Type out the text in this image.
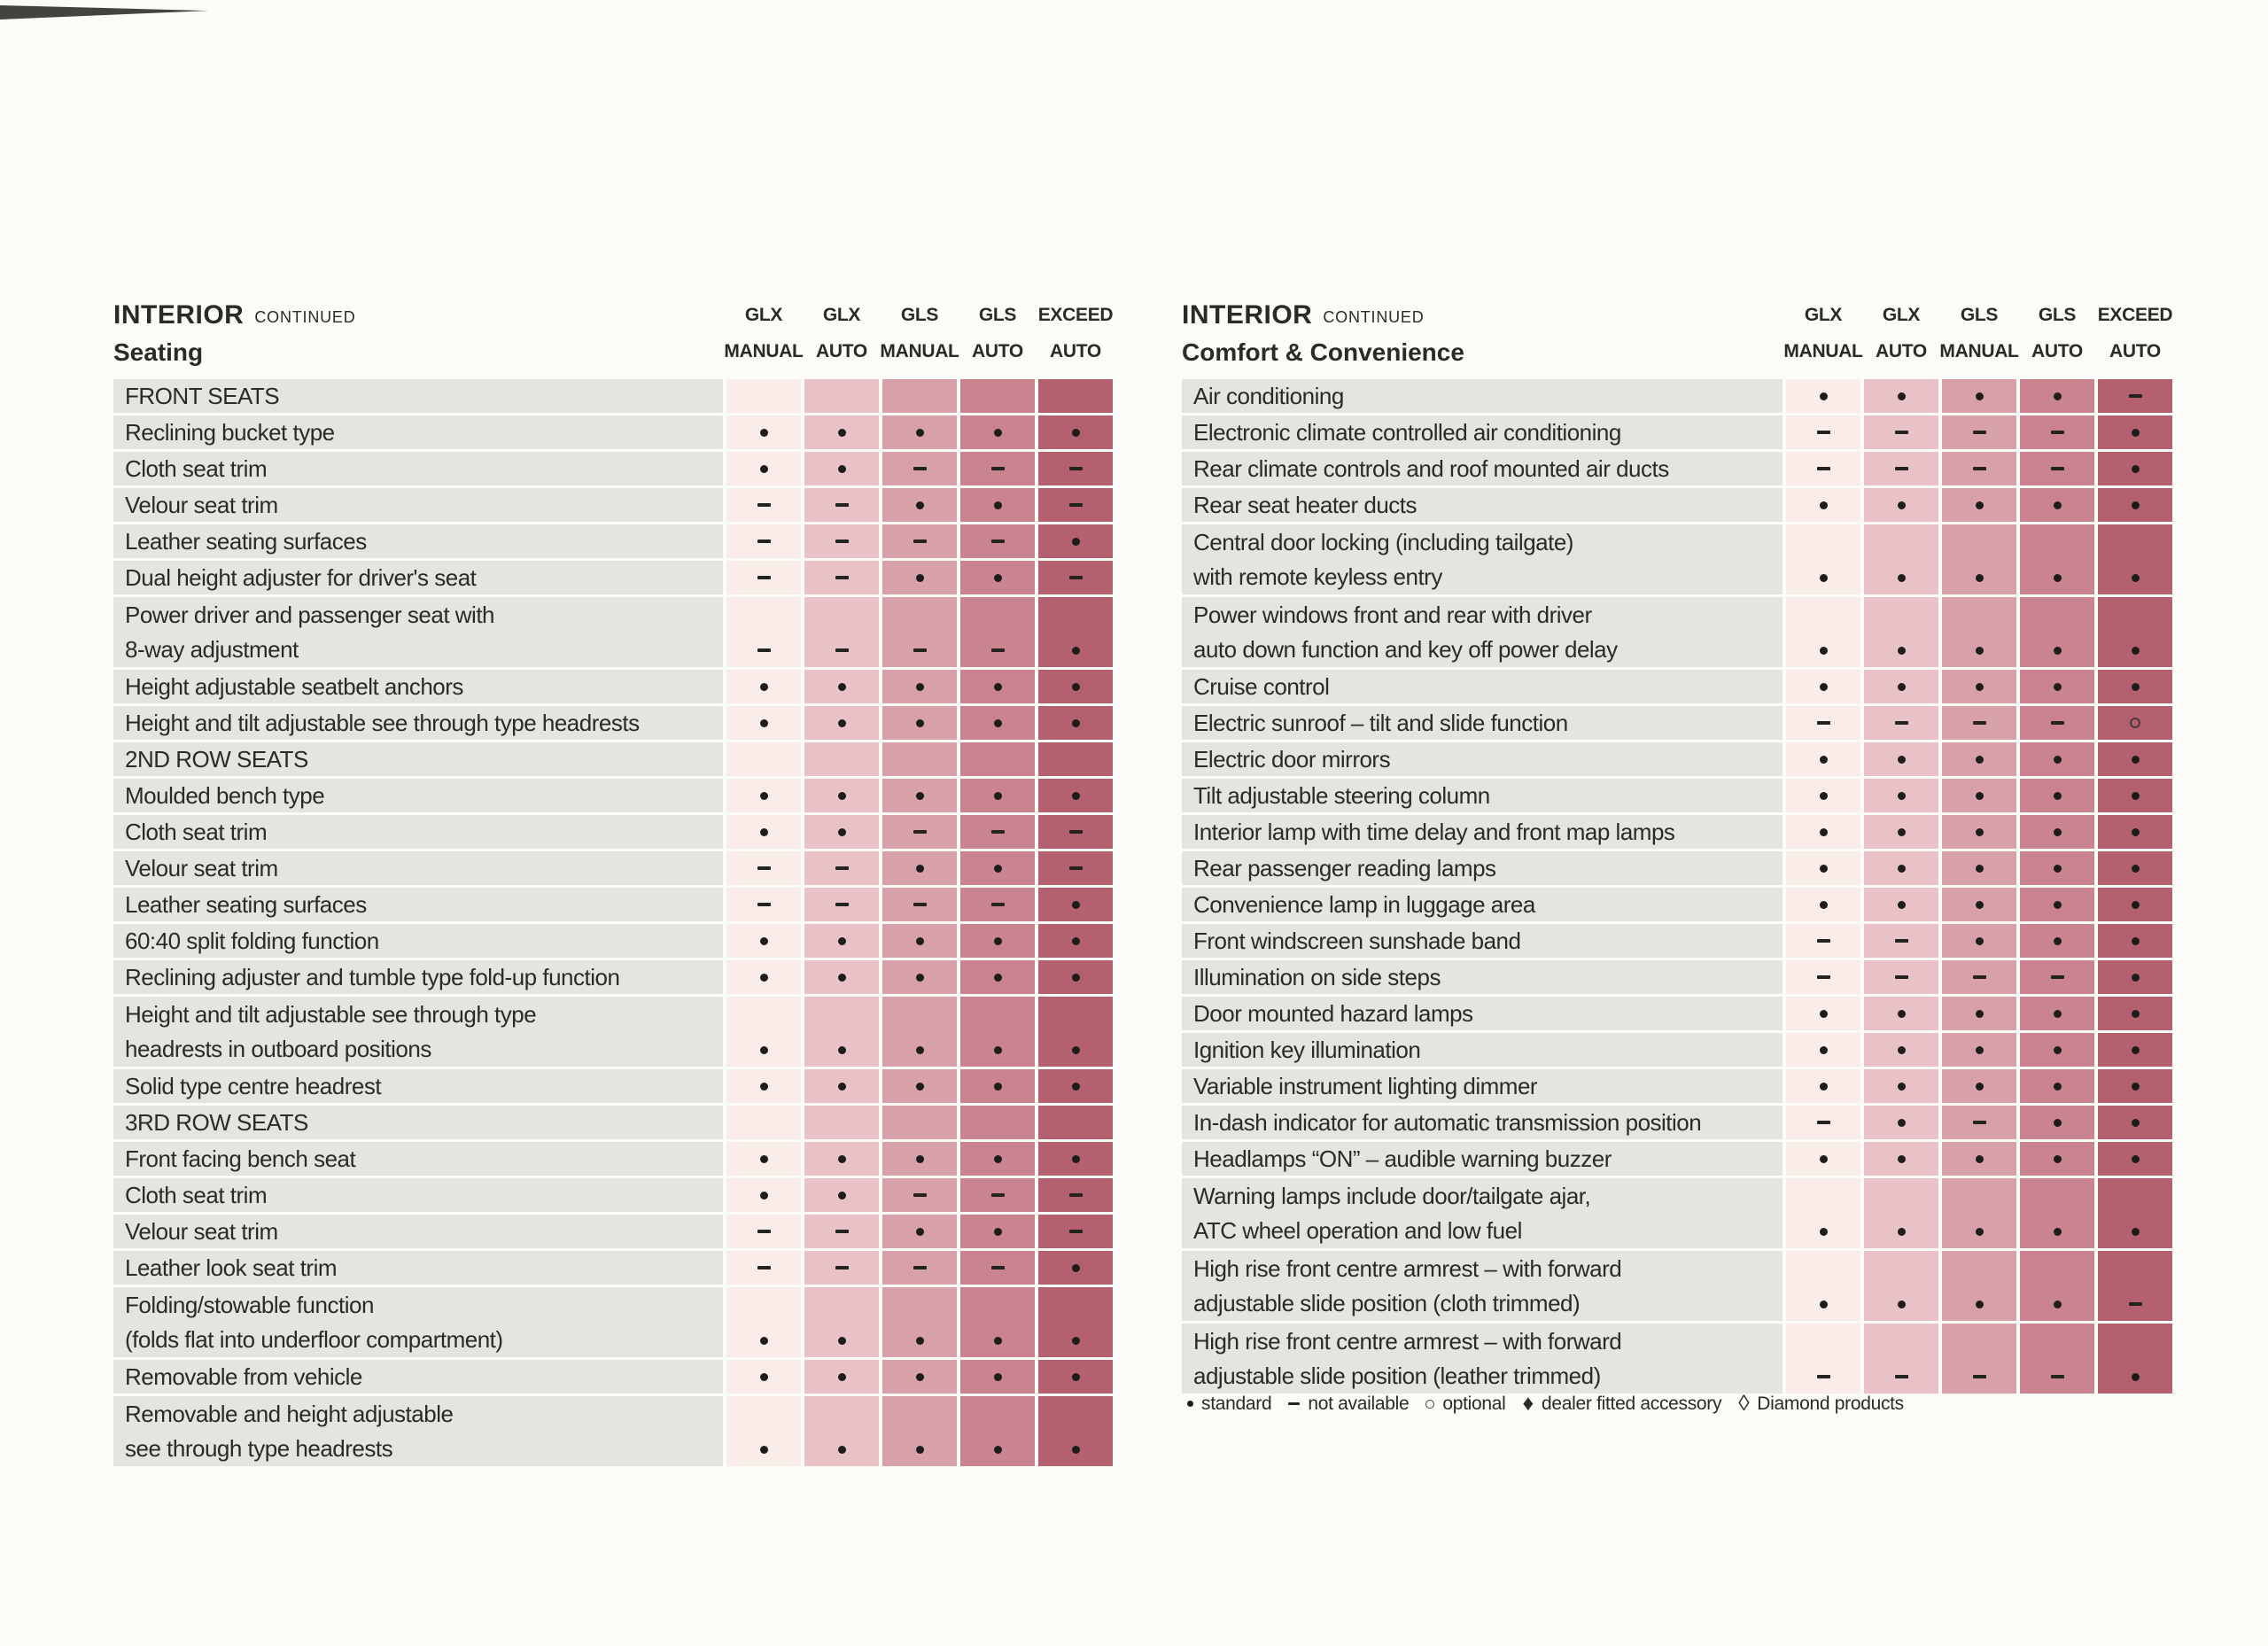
INTERIOR CONTINUED
Seating
GLX
MANUAL
GLX
AUTO
GLS
MANUAL
GLS
AUTO
EXCEED
AUTO
FRONT SEATS
Reclining bucket type
Cloth seat trim
Velour seat trim
Leather seating surfaces
Dual height adjuster for driver's seat
Power driver and passenger seat with
8-way adjustment
Height adjustable seatbelt anchors
Height and tilt adjustable see through type headrests
2ND ROW SEATS
Moulded bench type
Cloth seat trim
Velour seat trim
Leather seating surfaces
60:40 split folding function
Reclining adjuster and tumble type fold-up function
Height and tilt adjustable see through type
headrests in outboard positions
Solid type centre headrest
3RD ROW SEATS
Front facing bench seat
Cloth seat trim
Velour seat trim
Leather look seat trim
Folding/stowable function
(folds flat into underfloor compartment)
Removable from vehicle
Removable and height adjustable
see through type headrests
INTERIOR CONTINUED
Comfort & Convenience
GLX
MANUAL
GLX
AUTO
GLS
MANUAL
GLS
AUTO
EXCEED
AUTO
Air conditioning
Electronic climate controlled air conditioning
Rear climate controls and roof mounted air ducts
Rear seat heater ducts
Central door locking (including tailgate)
with remote keyless entry
Power windows front and rear with driver
auto down function and key off power delay
Cruise control
Electric sunroof – tilt and slide function
Electric door mirrors
Tilt adjustable steering column
Interior lamp with time delay and front map lamps
Rear passenger reading lamps
Convenience lamp in luggage area
Front windscreen sunshade band
Illumination on side steps
Door mounted hazard lamps
Ignition key illumination
Variable instrument lighting dimmer
In-dash indicator for automatic transmission position
Headlamps “ON” – audible warning buzzer
Warning lamps include door/tailgate ajar,
ATC wheel operation and low fuel
High rise front centre armrest – with forward
adjustable slide position (cloth trimmed)
High rise front centre armrest – with forward
adjustable slide position (leather trimmed)
standard not available optional ♦ dealer fitted accessory ◊ Diamond products
